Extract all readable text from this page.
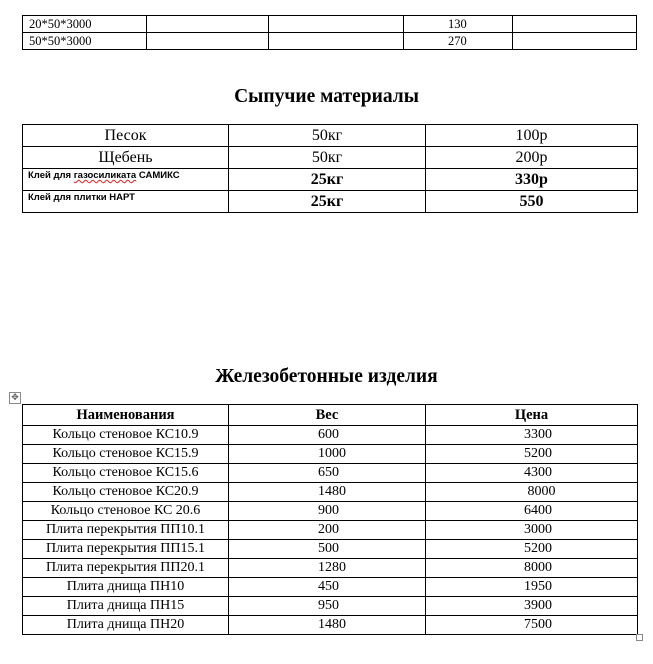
20*50*3000			130	
50*50*3000			270	
Сыпучие материалы
Песок	50кг	100р
Щебень	50кг	200р
Клей для газосиликата САМИКС	25кг	330р
Клей для плитки НАРТ	25кг	550
Железобетонные изделия
✥
Наименования	Вес	Цена
Кольцо стеновое КС10.9	600	3300
Кольцо стеновое КС15.9	1000	5200
Кольцо стеновое КС15.6	650	4300
Кольцо стеновое КС20.9	1480	8000
Кольцо стеновое КС 20.6	900	6400
Плита перекрытия ПП10.1	200	3000
Плита перекрытия ПП15.1	500	5200
Плита перекрытия ПП20.1	1280	8000
Плита днища ПН10	450	1950
Плита днища ПН15	950	3900
Плита днища ПН20	1480	7500
